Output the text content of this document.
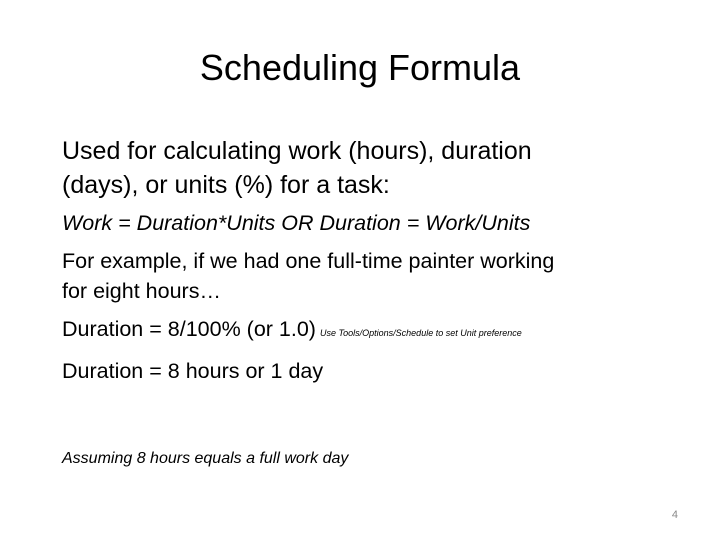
Scheduling Formula
Used for calculating work (hours), duration
(days), or units (%) for a task:
Work = Duration*Units OR Duration = Work/Units
For example, if we had one full-time painter working
for eight hours…
Duration = 8/100% (or 1.0) Use Tools/Options/Schedule to set Unit preference
Duration = 8 hours or 1 day
Assuming 8 hours equals a full work day
4
